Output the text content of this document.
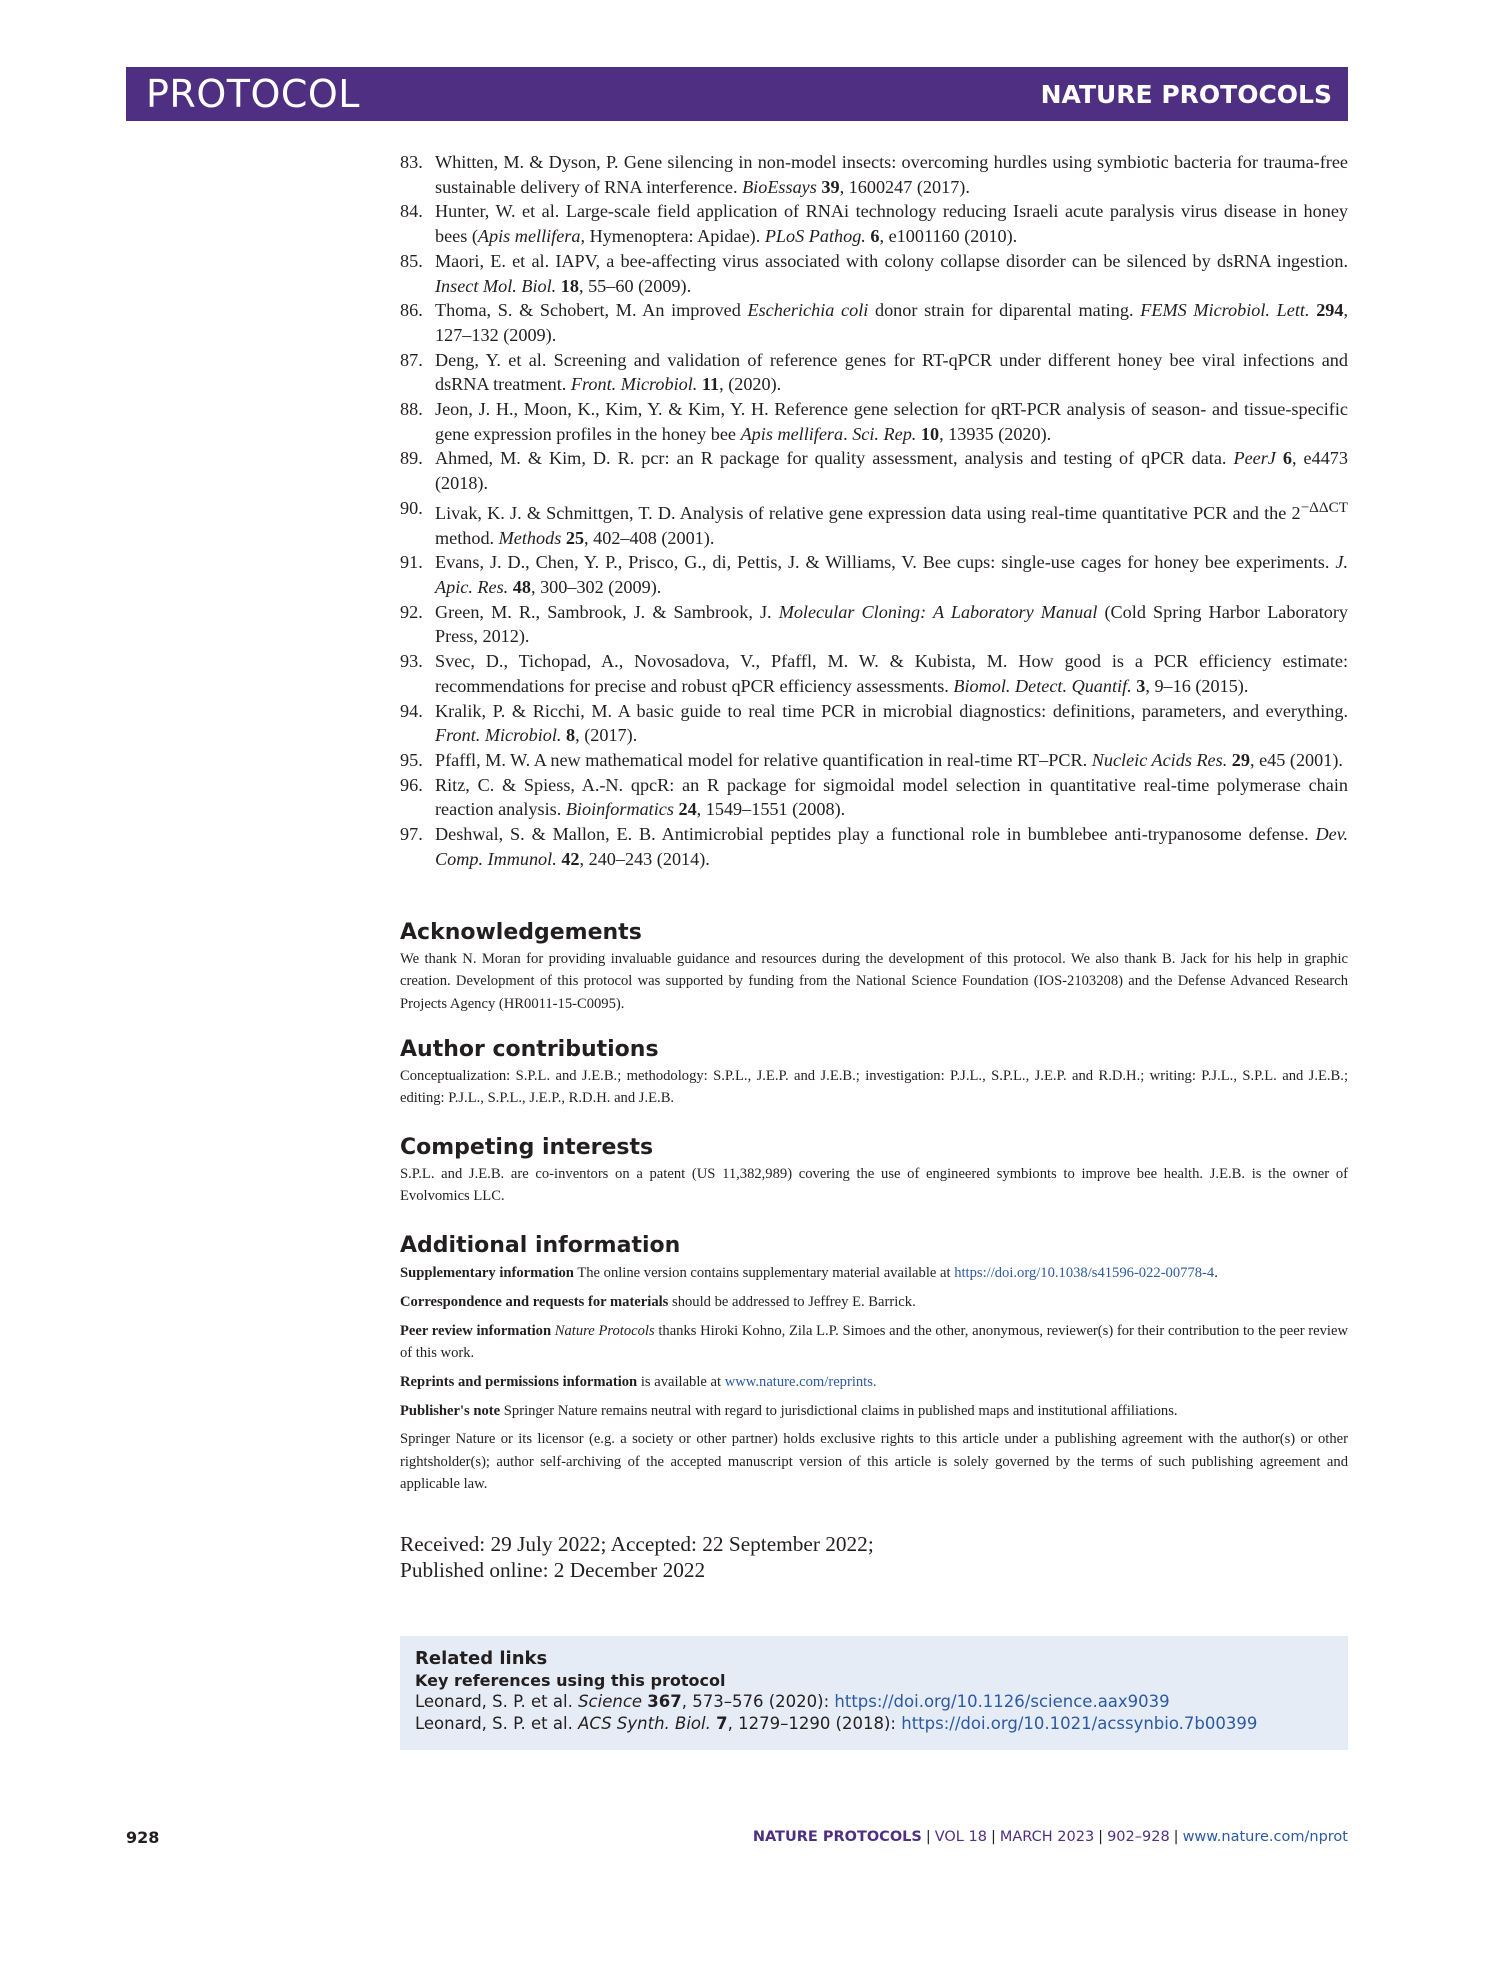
PROTOCOL	NATURE PROTOCOLS
83. Whitten, M. & Dyson, P. Gene silencing in non-model insects: overcoming hurdles using symbiotic bacteria for trauma-free sustainable delivery of RNA interference. BioEssays 39, 1600247 (2017).
84. Hunter, W. et al. Large-scale field application of RNAi technology reducing Israeli acute paralysis virus disease in honey bees (Apis mellifera, Hymenoptera: Apidae). PLoS Pathog. 6, e1001160 (2010).
85. Maori, E. et al. IAPV, a bee-affecting virus associated with colony collapse disorder can be silenced by dsRNA ingestion. Insect Mol. Biol. 18, 55–60 (2009).
86. Thoma, S. & Schobert, M. An improved Escherichia coli donor strain for diparental mating. FEMS Microbiol. Lett. 294, 127–132 (2009).
87. Deng, Y. et al. Screening and validation of reference genes for RT-qPCR under different honey bee viral infections and dsRNA treatment. Front. Microbiol. 11, (2020).
88. Jeon, J. H., Moon, K., Kim, Y. & Kim, Y. H. Reference gene selection for qRT-PCR analysis of season- and tissue-specific gene expression profiles in the honey bee Apis mellifera. Sci. Rep. 10, 13935 (2020).
89. Ahmed, M. & Kim, D. R. pcr: an R package for quality assessment, analysis and testing of qPCR data. PeerJ 6, e4473 (2018).
90. Livak, K. J. & Schmittgen, T. D. Analysis of relative gene expression data using real-time quantitative PCR and the $2^{-\Delta\Delta CT}$ method. Methods 25, 402–408 (2001).
91. Evans, J. D., Chen, Y. P., Prisco, G., di, Pettis, J. & Williams, V. Bee cups: single-use cages for honey bee experiments. J. Apic. Res. 48, 300–302 (2009).
92. Green, M. R., Sambrook, J. & Sambrook, J. Molecular Cloning: A Laboratory Manual (Cold Spring Harbor Laboratory Press, 2012).
93. Svec, D., Tichopad, A., Novosadova, V., Pfaffl, M. W. & Kubista, M. How good is a PCR efficiency estimate: recommendations for precise and robust qPCR efficiency assessments. Biomol. Detect. Quantif. 3, 9–16 (2015).
94. Kralik, P. & Ricchi, M. A basic guide to real time PCR in microbial diagnostics: definitions, parameters, and everything. Front. Microbiol. 8, (2017).
95. Pfaffl, M. W. A new mathematical model for relative quantification in real-time RT–PCR. Nucleic Acids Res. 29, e45 (2001).
96. Ritz, C. & Spiess, A.-N. qpcR: an R package for sigmoidal model selection in quantitative real-time polymerase chain reaction analysis. Bioinformatics 24, 1549–1551 (2008).
97. Deshwal, S. & Mallon, E. B. Antimicrobial peptides play a functional role in bumblebee anti-trypanosome defense. Dev. Comp. Immunol. 42, 240–243 (2014).
Acknowledgements
We thank N. Moran for providing invaluable guidance and resources during the development of this protocol. We also thank B. Jack for his help in graphic creation. Development of this protocol was supported by funding from the National Science Foundation (IOS-2103208) and the Defense Advanced Research Projects Agency (HR0011-15-C0095).
Author contributions
Conceptualization: S.P.L. and J.E.B.; methodology: S.P.L., J.E.P. and J.E.B.; investigation: P.J.L., S.P.L., J.E.P. and R.D.H.; writing: P.J.L., S.P.L. and J.E.B.; editing: P.J.L., S.P.L., J.E.P., R.D.H. and J.E.B.
Competing interests
S.P.L. and J.E.B. are co-inventors on a patent (US 11,382,989) covering the use of engineered symbionts to improve bee health. J.E.B. is the owner of Evolvomics LLC.
Additional information

Supplementary information The online version contains supplementary material available at https://doi.org/10.1038/s41596-022-00778-4.

Correspondence and requests for materials should be addressed to Jeffrey E. Barrick.

Peer review information Nature Protocols thanks Hiroki Kohno, Zila L.P. Simoes and the other, anonymous, reviewer(s) for their contribution to the peer review of this work.

Reprints and permissions information is available at www.nature.com/reprints.

Publisher's note Springer Nature remains neutral with regard to jurisdictional claims in published maps and institutional affiliations.

Springer Nature or its licensor (e.g. a society or other partner) holds exclusive rights to this article under a publishing agreement with the author(s) or other rightsholder(s); author self-archiving of the accepted manuscript version of this article is solely governed by the terms of such publishing agreement and applicable law.

Received: 29 July 2022; Accepted: 22 September 2022;
Published online: 2 December 2022
Related links
Key references using this protocol
Leonard, S. P. et al. Science 367, 573–576 (2020): https://doi.org/10.1126/science.aax9039
Leonard, S. P. et al. ACS Synth. Biol. 7, 1279–1290 (2018): https://doi.org/10.1021/acssynbio.7b00399
928	NATURE PROTOCOLS | VOL 18 | MARCH 2023 | 902–928 | www.nature.com/nprot
